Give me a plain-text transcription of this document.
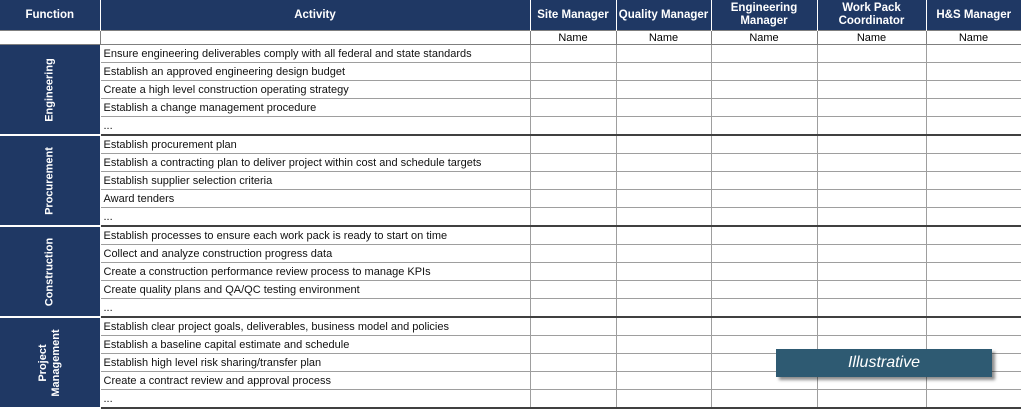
Function	Activity	Site Manager	Quality Manager	Engineering Manager	Work Pack Coordinator	H&S Manager
		Name	Name	Name	Name	Name

Engineering	Ensure engineering deliverables comply with all federal and state standards					
	Establish an approved engineering design budget					
	Create a high level construction operating strategy					
	Establish a change management procedure					
	...					

Procurement	Establish procurement plan					
	Establish a contracting plan to deliver project within cost and schedule targets					
	Establish supplier selection criteria					
	Award tenders					
	...					

Construction	Establish processes to ensure each work pack is ready to start on time					
	Collect and analyze construction progress data					
	Create a construction performance review process to manage KPIs					
	Create quality plans and QA/QC testing environment					
	...					

Project
Management	Establish clear project goals, deliverables, business model and policies					
	Establish a baseline capital estimate and schedule					
	Establish high level risk sharing/transfer plan					
	Create a contract review and approval process					
	...					
Illustrative
